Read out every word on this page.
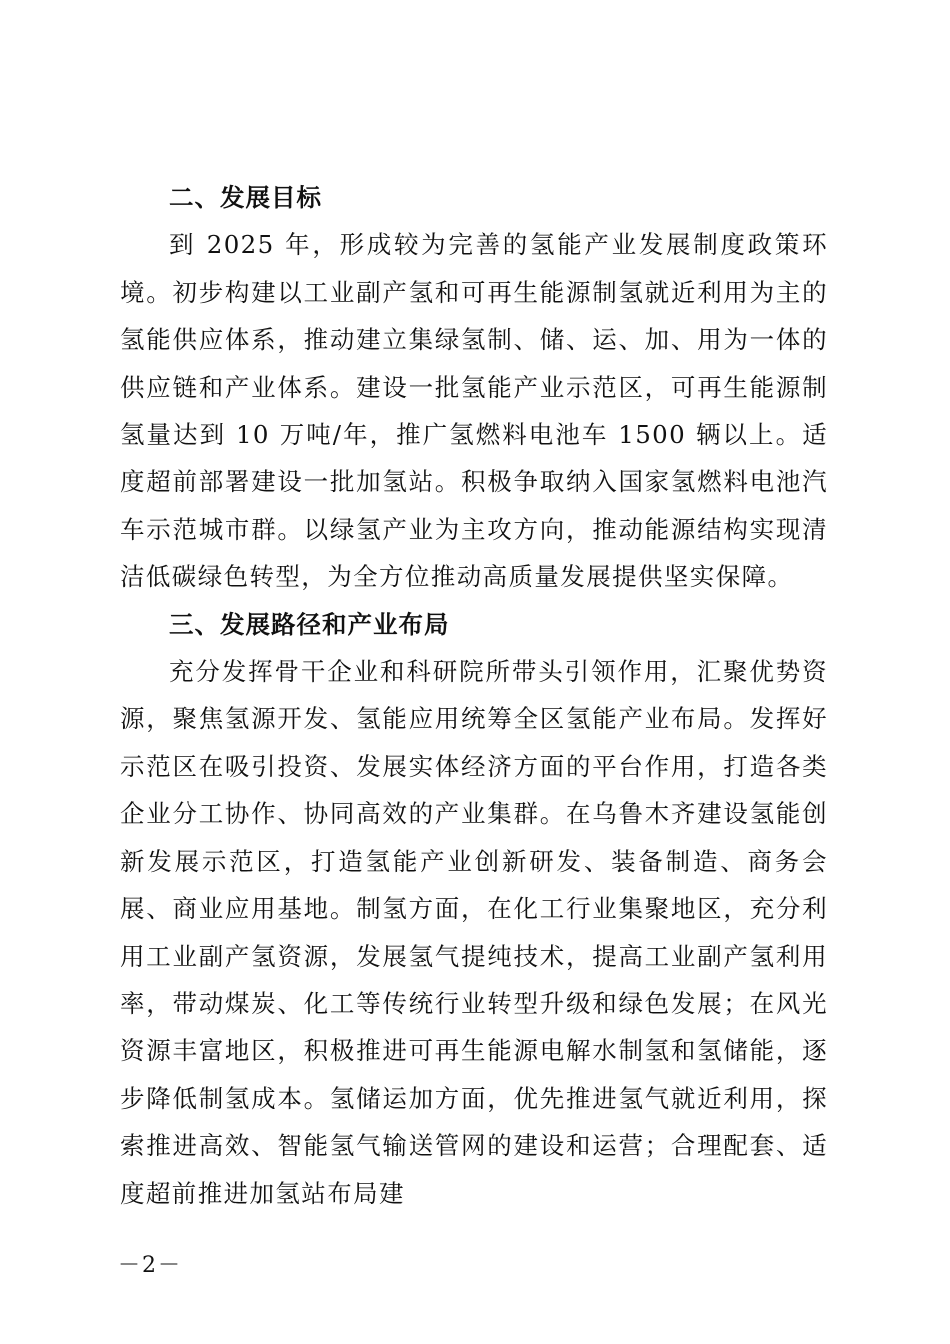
二、发展目标

到 2025 年，形成较为完善的氢能产业发展制度政策环境。初步构建以工业副产氢和可再生能源制氢就近利用为主的氢能供应体系，推动建立集绿氢制、储、运、加、用为一体的供应链和产业体系。建设一批氢能产业示范区，可再生能源制氢量达到 10 万吨/年，推广氢燃料电池车 1500 辆以上。适度超前部署建设一批加氢站。积极争取纳入国家氢燃料电池汽车示范城市群。以绿氢产业为主攻方向，推动能源结构实现清洁低碳绿色转型，为全方位推动高质量发展提供坚实保障。

三、发展路径和产业布局

充分发挥骨干企业和科研院所带头引领作用，汇聚优势资源，聚焦氢源开发、氢能应用统筹全区氢能产业布局。发挥好示范区在吸引投资、发展实体经济方面的平台作用，打造各类企业分工协作、协同高效的产业集群。在乌鲁木齐建设氢能创新发展示范区，打造氢能产业创新研发、装备制造、商务会展、商业应用基地。制氢方面，在化工行业集聚地区，充分利用工业副产氢资源，发展氢气提纯技术，提高工业副产氢利用率，带动煤炭、化工等传统行业转型升级和绿色发展；在风光资源丰富地区，积极推进可再生能源电解水制氢和氢储能，逐步降低制氢成本。氢储运加方面，优先推进氢气就近利用，探索推进高效、智能氢气输送管网的建设和运营；合理配套、适度超前推进加氢站布局建

－2－
